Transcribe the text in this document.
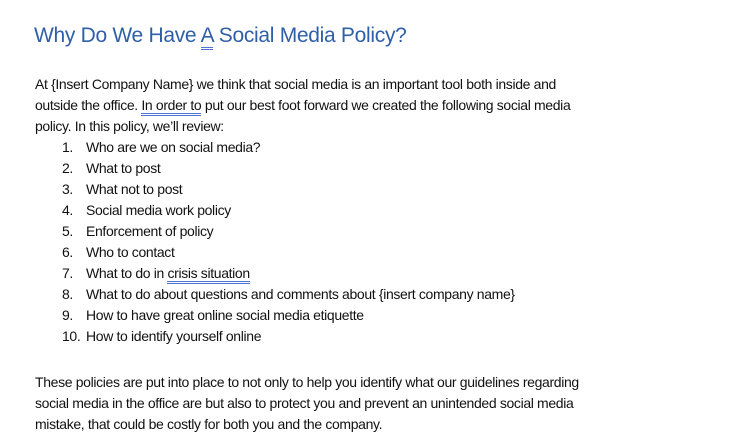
Why Do We Have A Social Media Policy?
At {Insert Company Name} we think that social media is an important tool both inside and
outside the office. In order to put our best foot forward we created the following social media
policy. In this policy, we’ll review:
1. Who are we on social media?
2. What to post
3. What not to post
4. Social media work policy
5. Enforcement of policy
6. Who to contact
7. What to do in crisis situation
8. What to do about questions and comments about {insert company name}
9. How to have great online social media etiquette
10. How to identify yourself online
These policies are put into place to not only to help you identify what our guidelines regarding
social media in the office are but also to protect you and prevent an unintended social media
mistake, that could be costly for both you and the company.
